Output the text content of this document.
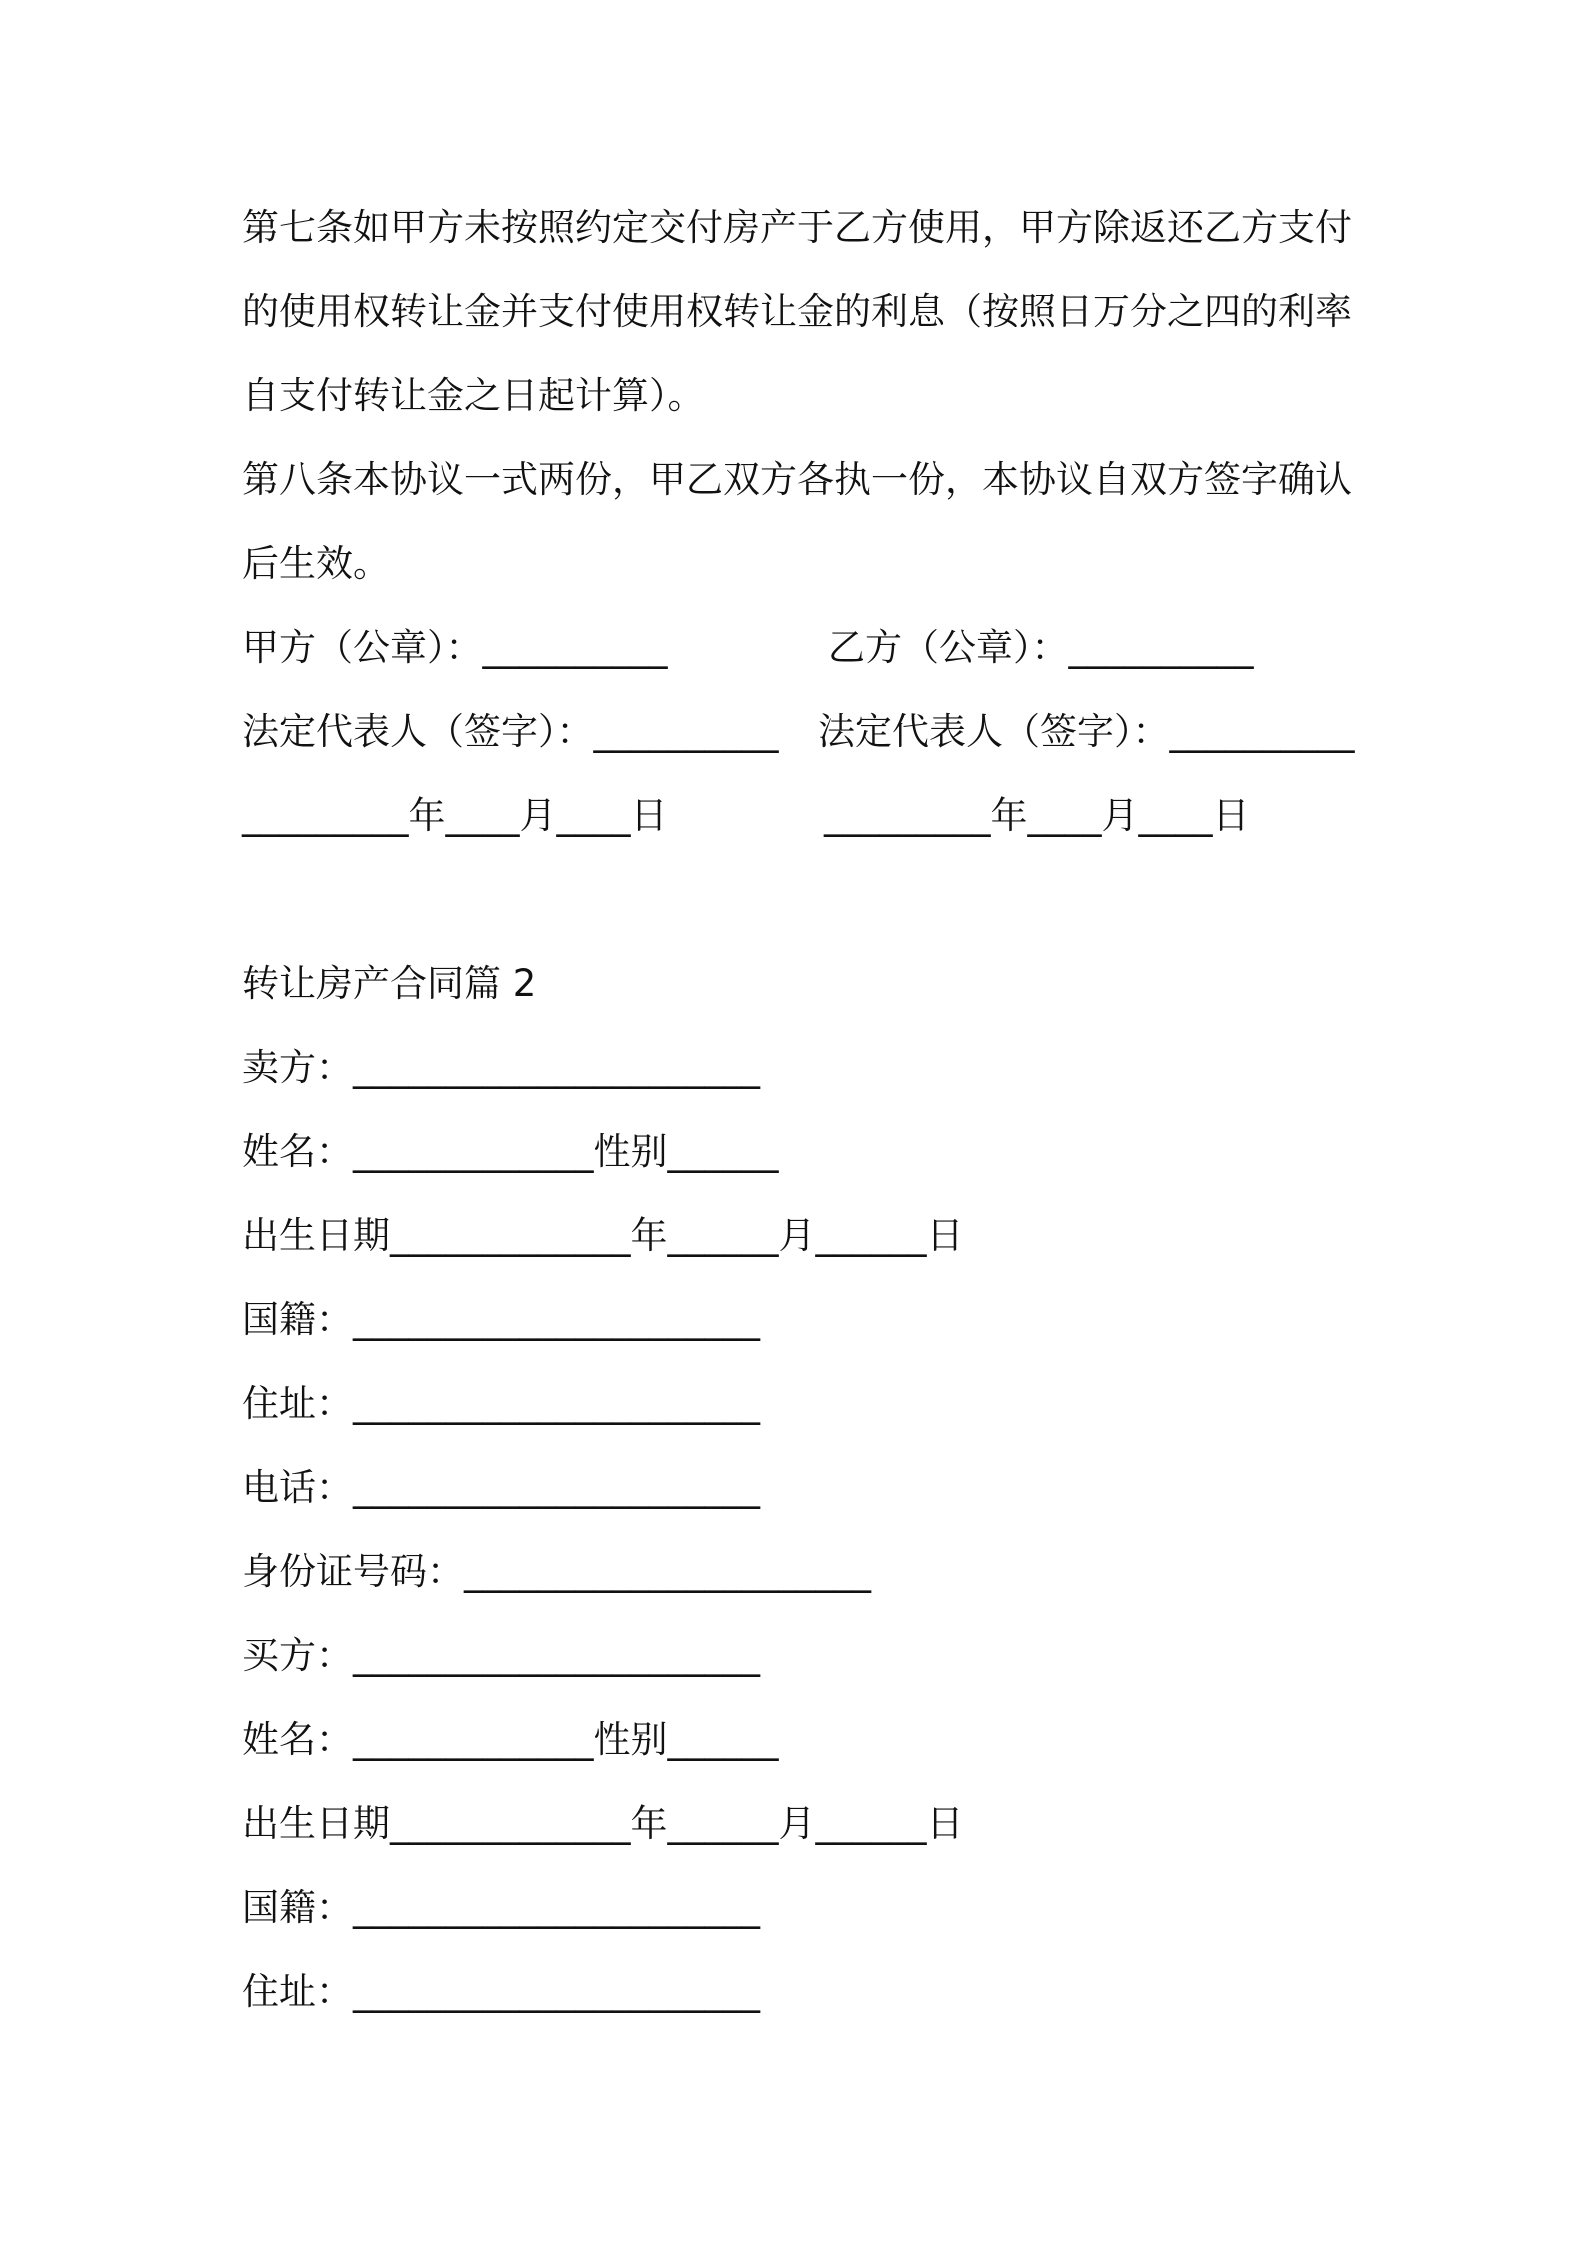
第七条如甲方未按照约定交付房产于乙方使用，甲方除返还乙方支付
的使用权转让金并支付使用权转让金的利息（按照日万分之四的利率
自支付转让金之日起计算）。
第八条本协议一式两份，甲乙双方各执一份，本协议自双方签字确认
后生效。
甲方（公章）：__________	乙方（公章）：__________
法定代表人（签字）：__________ 法定代表人（签字）：__________
_________年____月____日	_________年____月____日
转让房产合同篇 2
卖方：______________________
姓名：_____________性别______
出生日期_____________年______月______日
国籍：______________________
住址：______________________
电话：______________________
身份证号码：______________________
买方：______________________
姓名：_____________性别______
出生日期_____________年______月______日
国籍：______________________
住址：______________________
